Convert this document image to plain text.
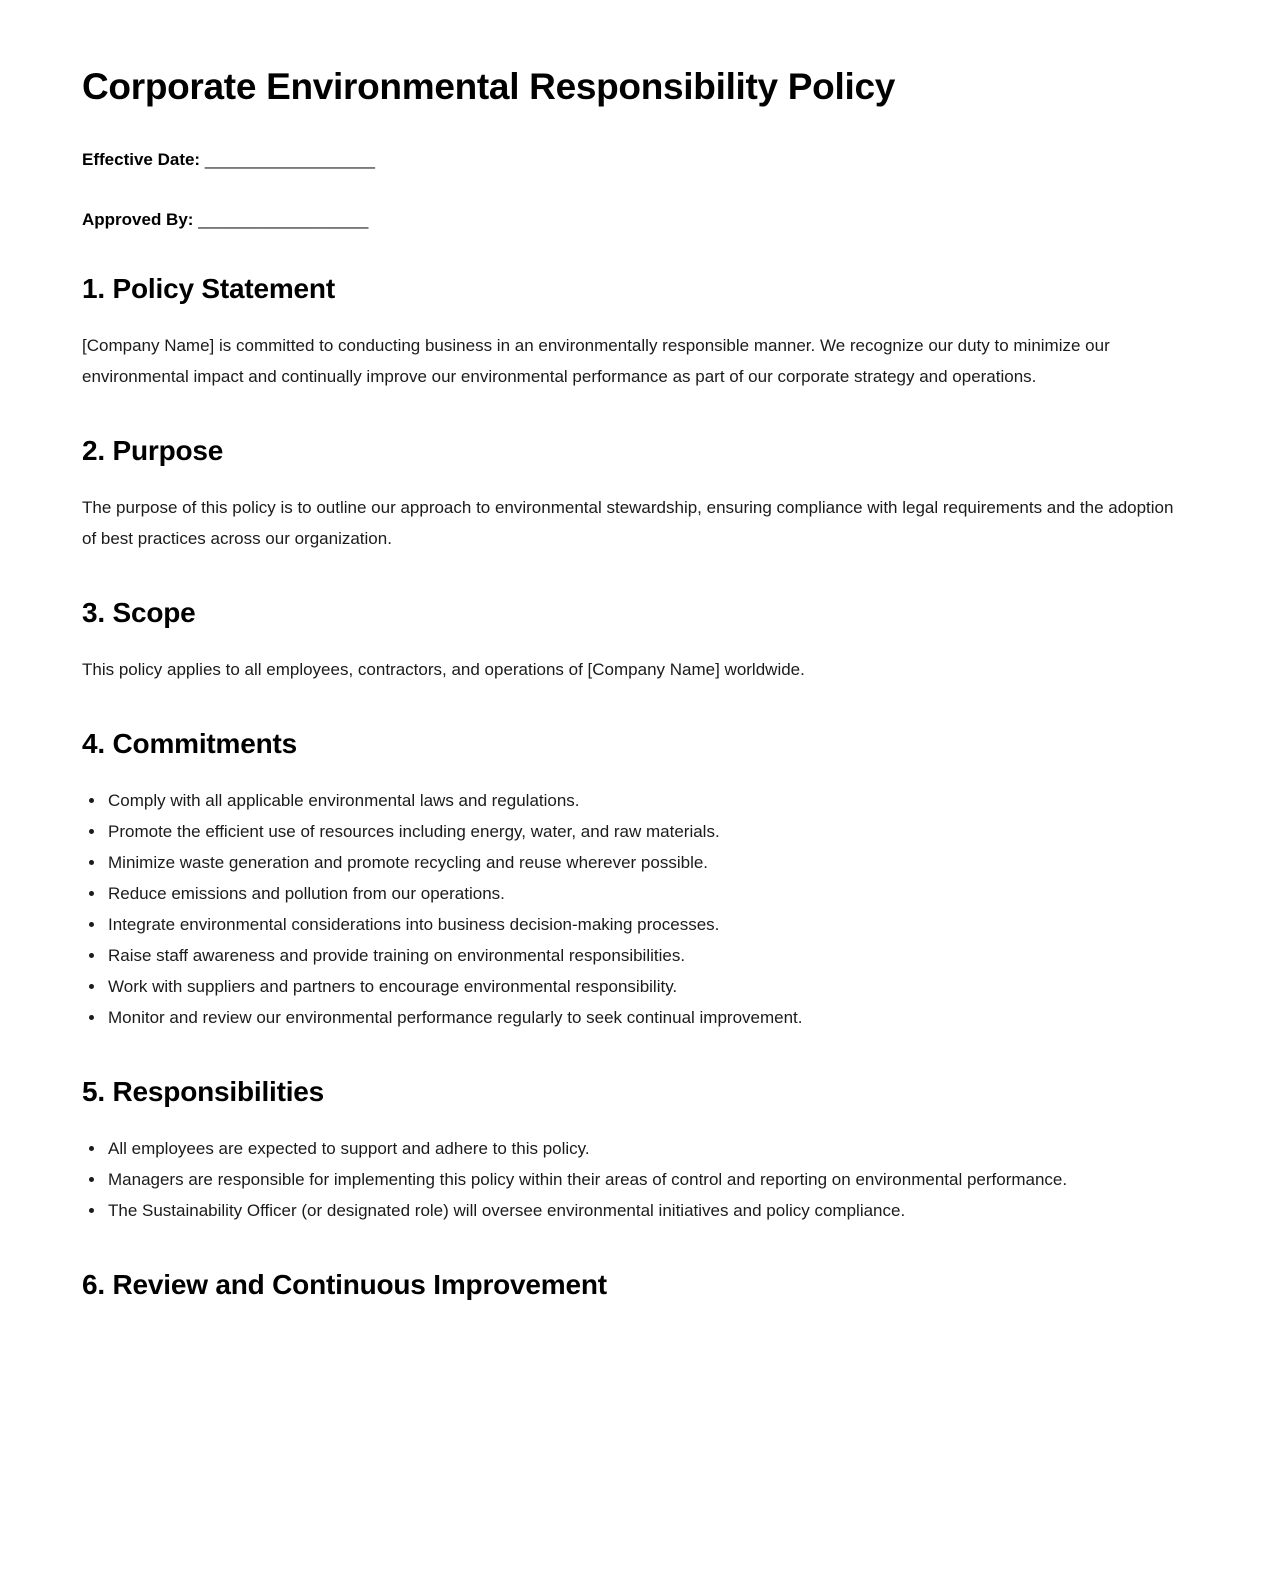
Corporate Environmental Responsibility Policy

Effective Date: __________________

Approved By: __________________

1. Policy Statement

[Company Name] is committed to conducting business in an environmentally responsible manner. We recognize our duty to minimize our environmental impact and continually improve our environmental performance as part of our corporate strategy and operations.

2. Purpose

The purpose of this policy is to outline our approach to environmental stewardship, ensuring compliance with legal requirements and the adoption of best practices across our organization.

3. Scope

This policy applies to all employees, contractors, and operations of [Company Name] worldwide.

4. Commitments
• Comply with all applicable environmental laws and regulations.
• Promote the efficient use of resources including energy, water, and raw materials.
• Minimize waste generation and promote recycling and reuse wherever possible.
• Reduce emissions and pollution from our operations.
• Integrate environmental considerations into business decision-making processes.
• Raise staff awareness and provide training on environmental responsibilities.
• Work with suppliers and partners to encourage environmental responsibility.
• Monitor and review our environmental performance regularly to seek continual improvement.
5. Responsibilities
• All employees are expected to support and adhere to this policy.
• Managers are responsible for implementing this policy within their areas of control and reporting on environmental performance.
• The Sustainability Officer (or designated role) will oversee environmental initiatives and policy compliance.
6. Review and Continuous Improvement
